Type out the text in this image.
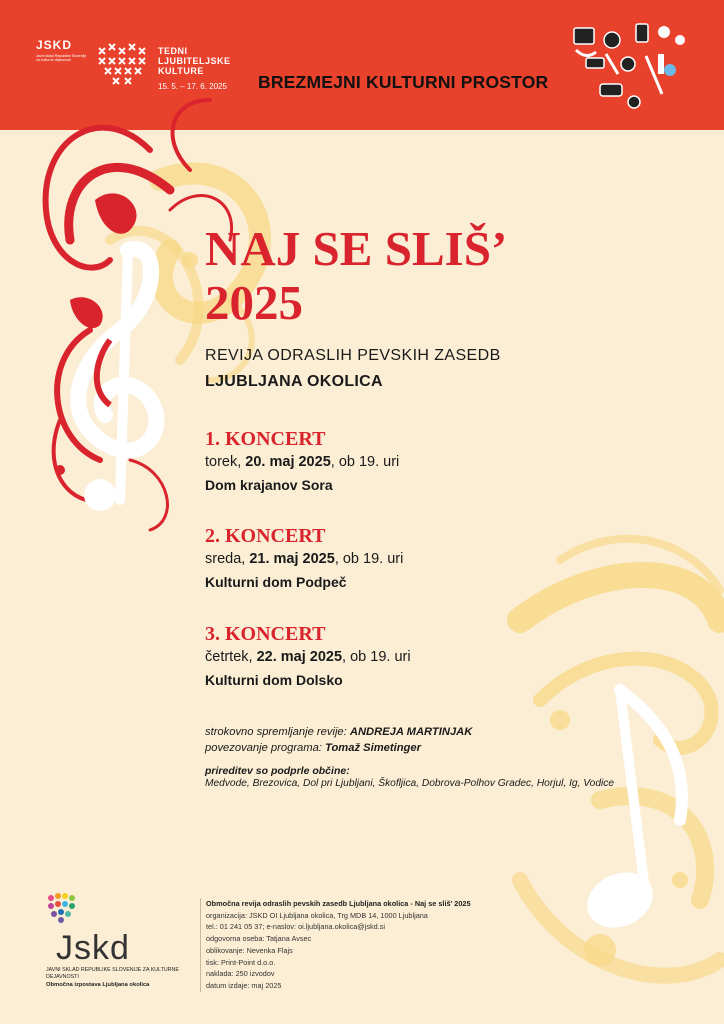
JSKD
Javni sklad Republike Slovenije za kulturne dejavnosti
TEDNI
LJUBITELJSKE
KULTURE
15. 5. – 17. 6. 2025 BREZMEJNI KULTURNI PROSTOR
NAJ SE SLIŠ’
2025
REVIJA ODRASLIH PEVSKIH ZASEDB
LJUBLJANA OKOLICA
1. KONCERT
torek, 20. maj 2025, ob 19. uri
Dom krajanov Sora
2. KONCERT
sreda, 21. maj 2025, ob 19. uri
Kulturni dom Podpeč
3. KONCERT
četrtek, 22. maj 2025, ob 19. uri
Kulturni dom Dolsko
strokovno spremljanje revije: ANDREJA MARTINJAK
povezovanje programa: Tomaž Simetinger
prireditev so podprle občine:
Medvode, Brezovica, Dol pri Ljubljani, Škofljica, Dobrova-Polhov Gradec, Horjul, Ig, Vodice
Jskd
JAVNI SKLAD REPUBLIKE SLOVENIJE ZA KULTURNE DEJAVNOSTI
Območna izpostava Ljubljana okolica
Območna revija odraslih pevskih zasedb Ljubljana okolica - Naj se sliš' 2025
organizacija: JSKD OI Ljubljana okolica, Trg MDB 14, 1000 Ljubljana
tel.: 01 241 05 37; e-naslov: oi.ljubljana.okolica@jskd.si
odgovorna oseba: Tatjana Avsec
oblikovanje: Nevenka Flajs
tisk: Print-Point d.o.o.
naklada: 250 izvodov
datum izdaje: maj 2025
